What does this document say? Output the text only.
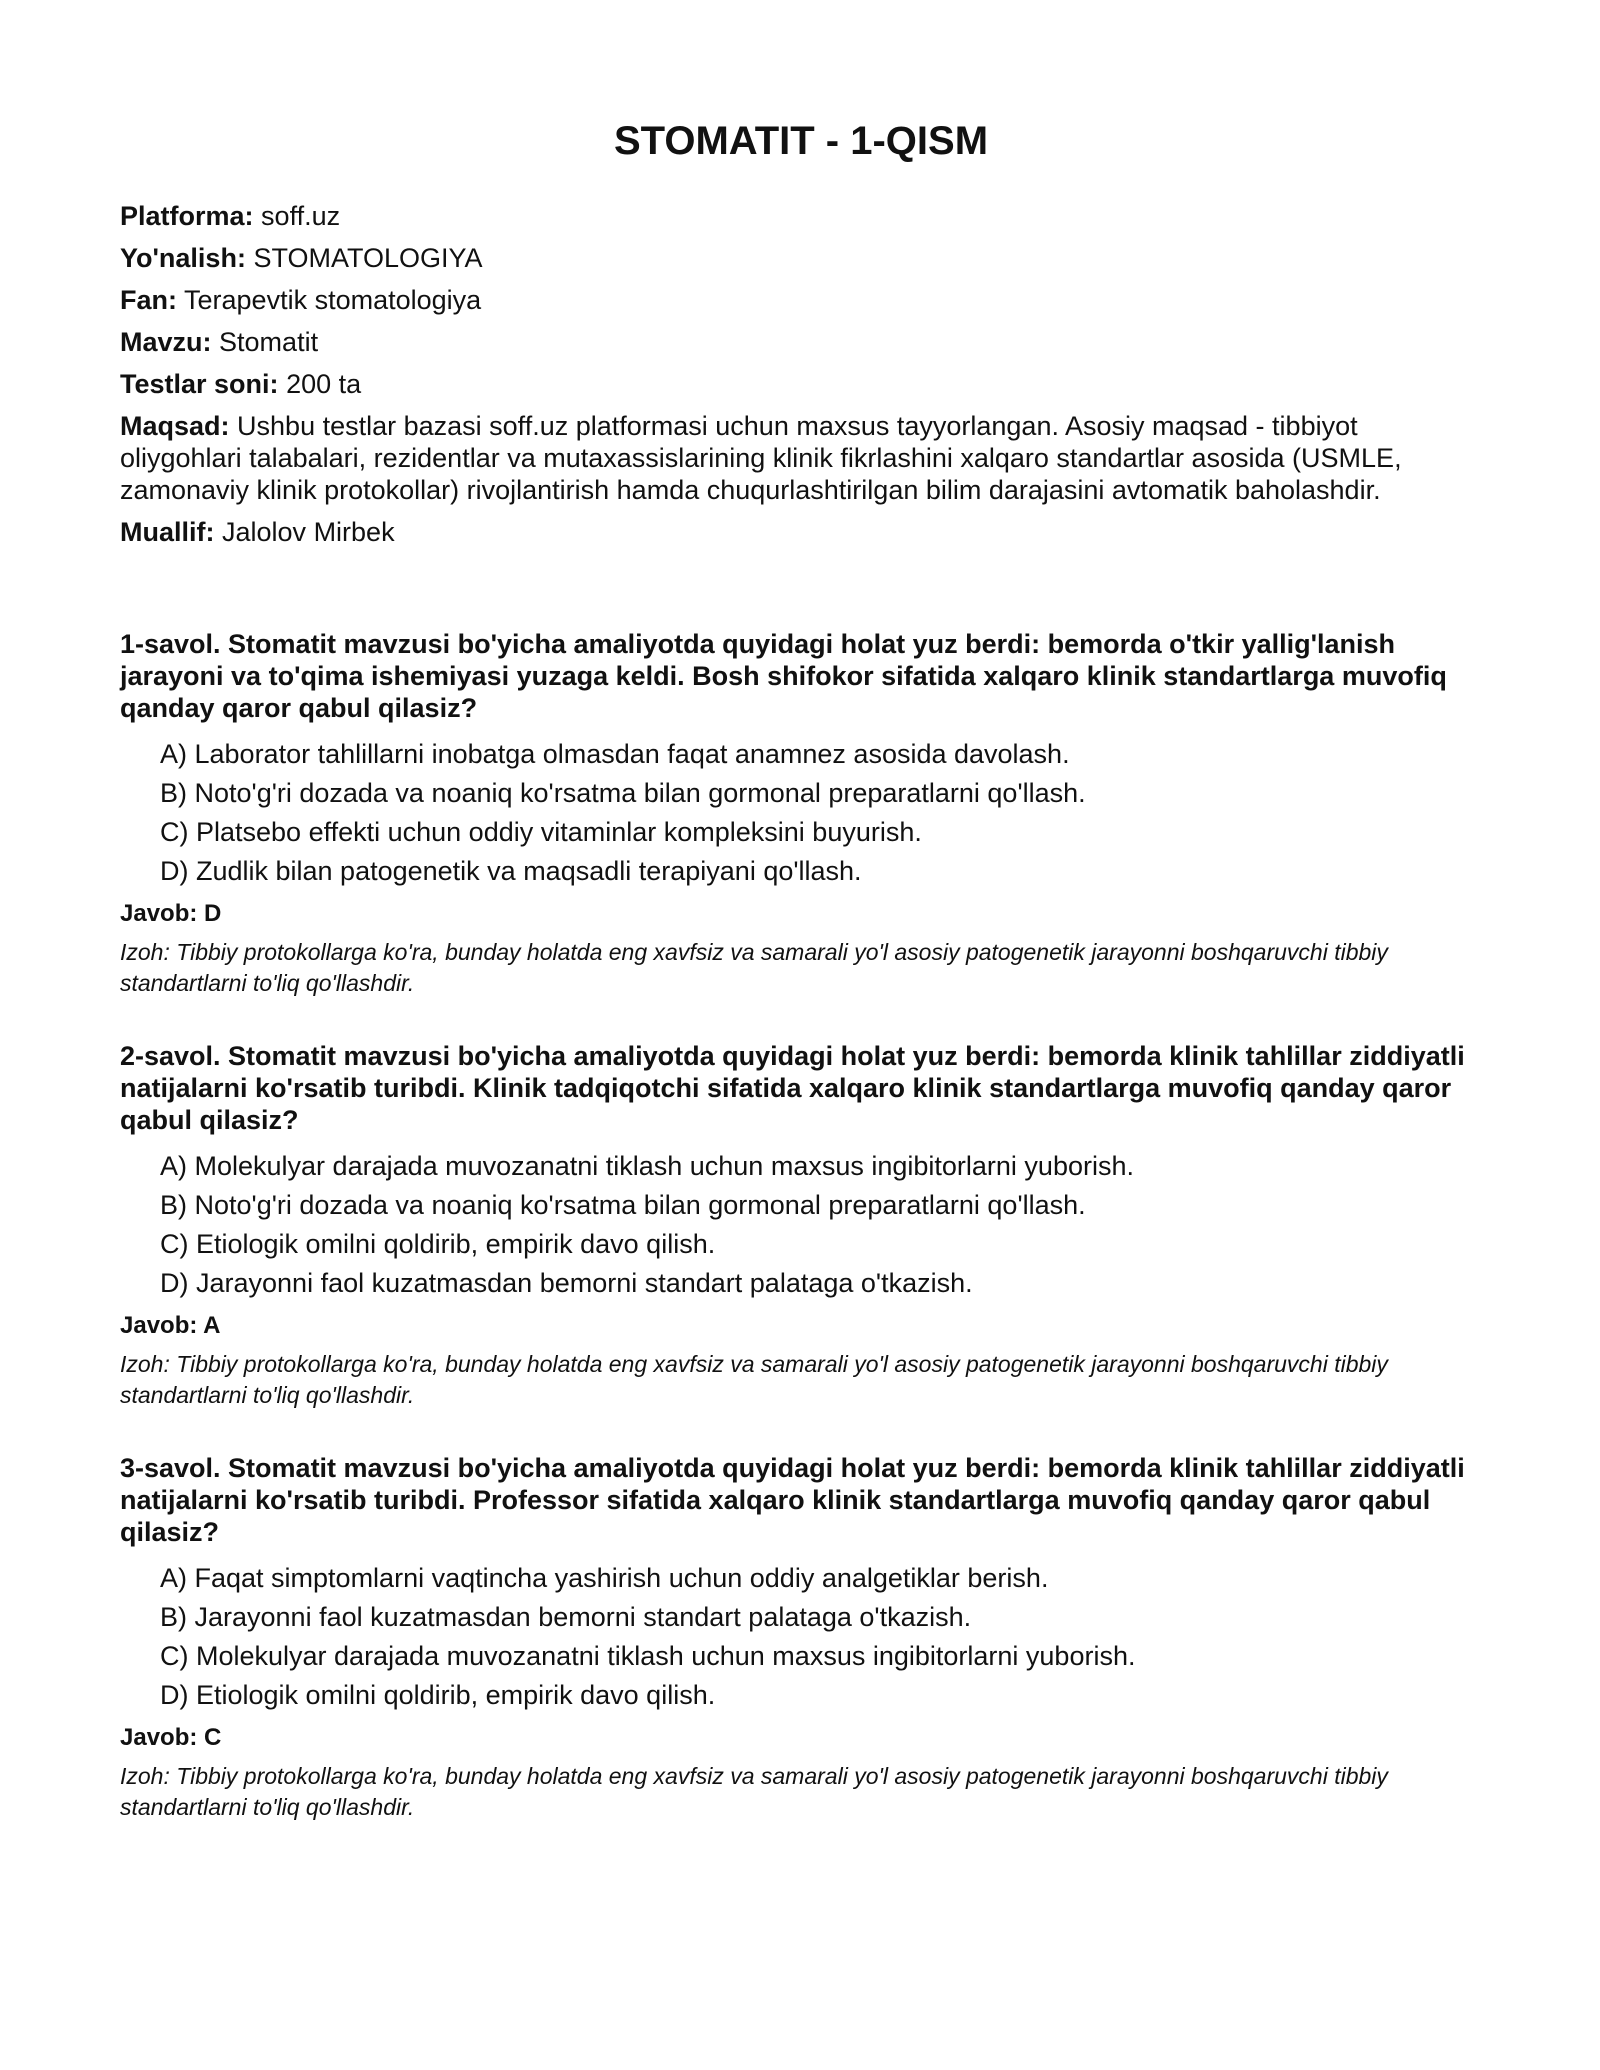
STOMATIT - 1-QISM

Platforma: soff.uz

Yo'nalish: STOMATOLOGIYA

Fan: Terapevtik stomatologiya

Mavzu: Stomatit

Testlar soni: 200 ta

Maqsad: Ushbu testlar bazasi soff.uz platformasi uchun maxsus tayyorlangan. Asosiy maqsad - tibbiyot oliygohlari talabalari, rezidentlar va mutaxassislarining klinik fikrlashini xalqaro standartlar asosida (USMLE, zamonaviy klinik protokollar) rivojlantirish hamda chuqurlashtirilgan bilim darajasini avtomatik baholashdir.

Muallif: Jalolov Mirbek

1-savol. Stomatit mavzusi bo'yicha amaliyotda quyidagi holat yuz berdi: bemorda o'tkir yallig'lanish jarayoni va to'qima ishemiyasi yuzaga keldi. Bosh shifokor sifatida xalqaro klinik standartlarga muvofiq qanday qaror qabul qilasiz?

A) Laborator tahlillarni inobatga olmasdan faqat anamnez asosida davolash.

B) Noto'g'ri dozada va noaniq ko'rsatma bilan gormonal preparatlarni qo'llash.

C) Platsebo effekti uchun oddiy vitaminlar kompleksini buyurish.

D) Zudlik bilan patogenetik va maqsadli terapiyani qo'llash.

Javob: D

Izoh: Tibbiy protokollarga ko'ra, bunday holatda eng xavfsiz va samarali yo'l asosiy patogenetik jarayonni boshqaruvchi tibbiy standartlarni to'liq qo'llashdir.

2-savol. Stomatit mavzusi bo'yicha amaliyotda quyidagi holat yuz berdi: bemorda klinik tahlillar ziddiyatli natijalarni ko'rsatib turibdi. Klinik tadqiqotchi sifatida xalqaro klinik standartlarga muvofiq qanday qaror qabul qilasiz?

A) Molekulyar darajada muvozanatni tiklash uchun maxsus ingibitorlarni yuborish.

B) Noto'g'ri dozada va noaniq ko'rsatma bilan gormonal preparatlarni qo'llash.

C) Etiologik omilni qoldirib, empirik davo qilish.

D) Jarayonni faol kuzatmasdan bemorni standart palataga o'tkazish.

Javob: A

Izoh: Tibbiy protokollarga ko'ra, bunday holatda eng xavfsiz va samarali yo'l asosiy patogenetik jarayonni boshqaruvchi tibbiy standartlarni to'liq qo'llashdir.

3-savol. Stomatit mavzusi bo'yicha amaliyotda quyidagi holat yuz berdi: bemorda klinik tahlillar ziddiyatli natijalarni ko'rsatib turibdi. Professor sifatida xalqaro klinik standartlarga muvofiq qanday qaror qabul qilasiz?

A) Faqat simptomlarni vaqtincha yashirish uchun oddiy analgetiklar berish.

B) Jarayonni faol kuzatmasdan bemorni standart palataga o'tkazish.

C) Molekulyar darajada muvozanatni tiklash uchun maxsus ingibitorlarni yuborish.

D) Etiologik omilni qoldirib, empirik davo qilish.

Javob: C

Izoh: Tibbiy protokollarga ko'ra, bunday holatda eng xavfsiz va samarali yo'l asosiy patogenetik jarayonni boshqaruvchi tibbiy standartlarni to'liq qo'llashdir.
